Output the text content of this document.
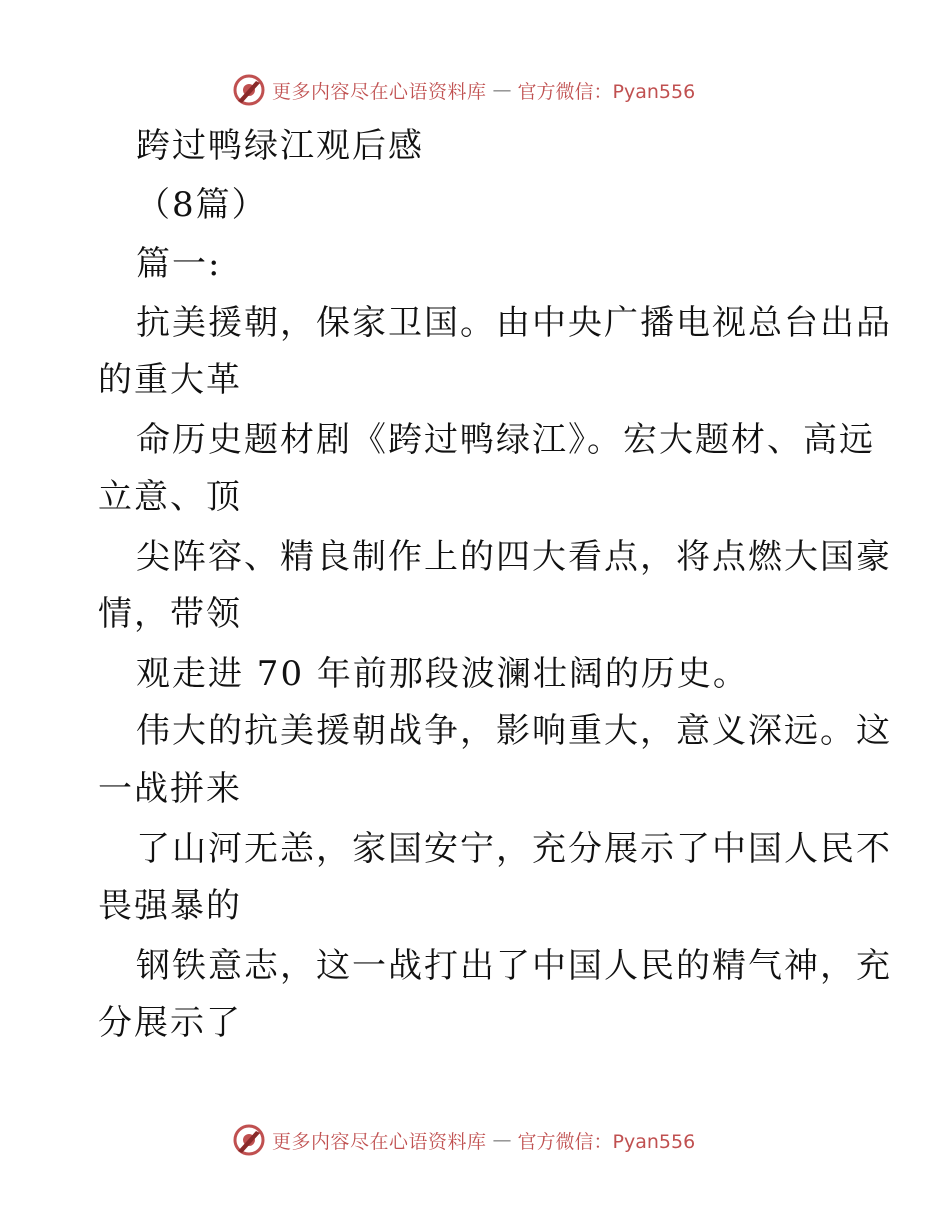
更多内容尽在心语资料库 — 官方微信：Pyan556
跨过鸭绿江观后感
（8篇）
篇一:
抗美援朝，保家卫国。由中央广播电视总台出品
的重大革
命历史题材剧《跨过鸭绿江》。宏大题材、高远
立意、顶
尖阵容、精良制作上的四大看点，将点燃大国豪
情，带领
观走进 70 年前那段波澜壮阔的历史。
伟大的抗美援朝战争，影响重大，意义深远。这
一战拼来
了山河无恙，家国安宁，充分展示了中国人民不
畏强暴的
钢铁意志，这一战打出了中国人民的精气神，充
分展示了
更多内容尽在心语资料库 — 官方微信：Pyan556
